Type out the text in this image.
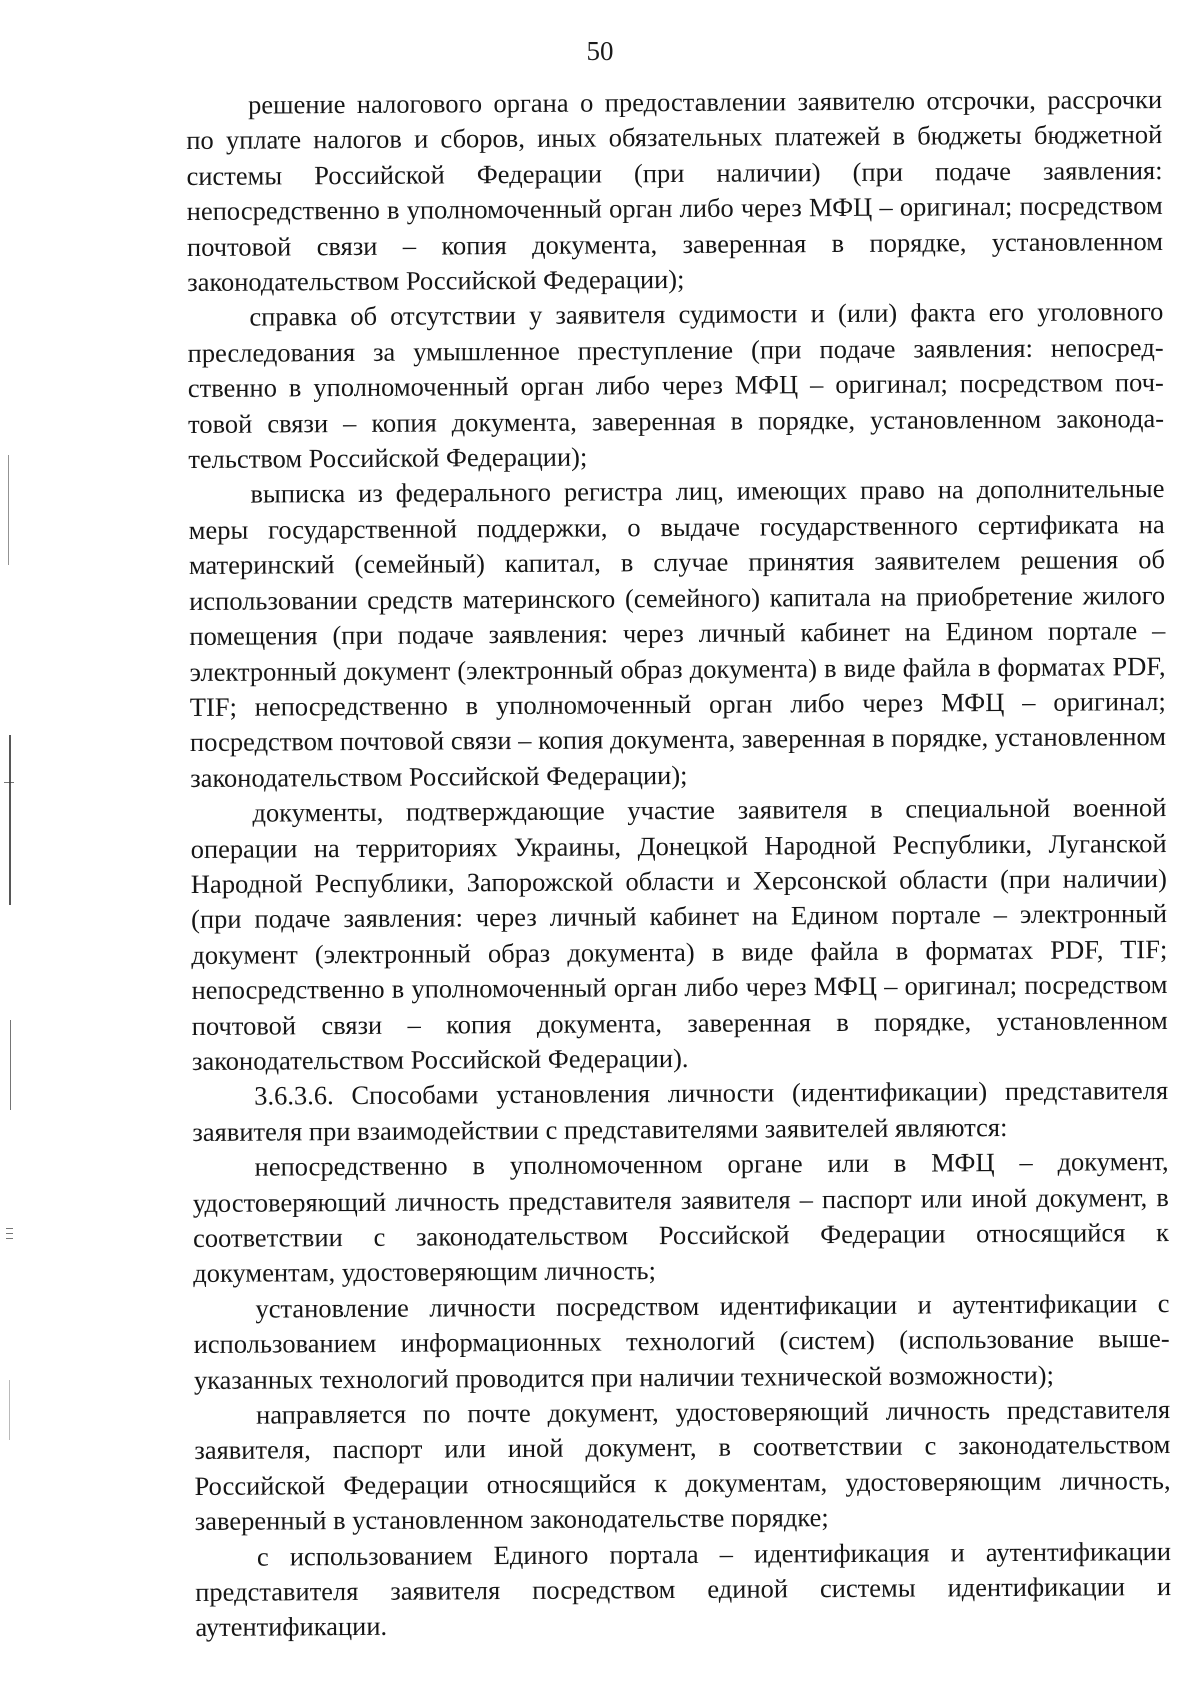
50

решение налогового органа о предоставлении заявителю отсрочки, рассрочки по уплате налогов и сборов, иных обязательных платежей в бюджеты бюджетной системы Российской Федерации (при наличии) (при подаче заявления: непосредственно в уполномоченный орган либо через МФЦ – оригинал; посредством почтовой связи – копия документа, заверенная в порядке, установленном законодательством Российской Федерации);

справка об отсутствии у заявителя судимости и (или) факта его уголовного преследования за умышленное преступление (при подаче заявления: непосредственно в уполномоченный орган либо через МФЦ – оригинал; посредством почтовой связи – копия документа, заверенная в порядке, установленном законодательством Российской Федерации);

выписка из федерального регистра лиц, имеющих право на дополнительные меры государственной поддержки, о выдаче государственного сертификата на материнский (семейный) капитал, в случае принятия заявителем решения об использовании средств материнского (семейного) капитала на приобретение жилого помещения (при подаче заявления: через личный кабинет на Едином портале – электронный документ (электронный образ документа) в виде файла в форматах PDF, TIF; непосредственно в уполномоченный орган либо через МФЦ – оригинал; посредством почтовой связи – копия документа, заверенная в порядке, установленном законодательством Российской Федерации);

документы, подтверждающие участие заявителя в специальной военной операции на территориях Украины, Донецкой Народной Республики, Луганской Народной Республики, Запорожской области и Херсонской области (при наличии) (при подаче заявления: через личный кабинет на Едином портале – электронный документ (электронный образ документа) в виде файла в форматах PDF, TIF; непосредственно в уполномоченный орган либо через МФЦ – оригинал; посредством почтовой связи – копия документа, заверенная в порядке, установленном законодательством Российской Федерации).

3.6.3.6. Способами установления личности (идентификации) представителя заявителя при взаимодействии с представителями заявителей являются:

непосредственно в уполномоченном органе или в МФЦ – документ, удостоверяющий личность представителя заявителя – паспорт или иной документ, в соответствии с законодательством Российской Федерации относящийся к документам, удостоверяющим личность;

установление личности посредством идентификации и аутентификации с использованием информационных технологий (систем) (использование вышеуказанных технологий проводится при наличии технической возможности);

направляется по почте документ, удостоверяющий личность представителя заявителя, паспорт или иной документ, в соответствии с законодательством Российской Федерации относящийся к документам, удостоверяющим личность, заверенный в установленном законодательстве порядке;

с использованием Единого портала – идентификация и аутентификации представителя заявителя посредством единой системы идентификации и аутентификации.
